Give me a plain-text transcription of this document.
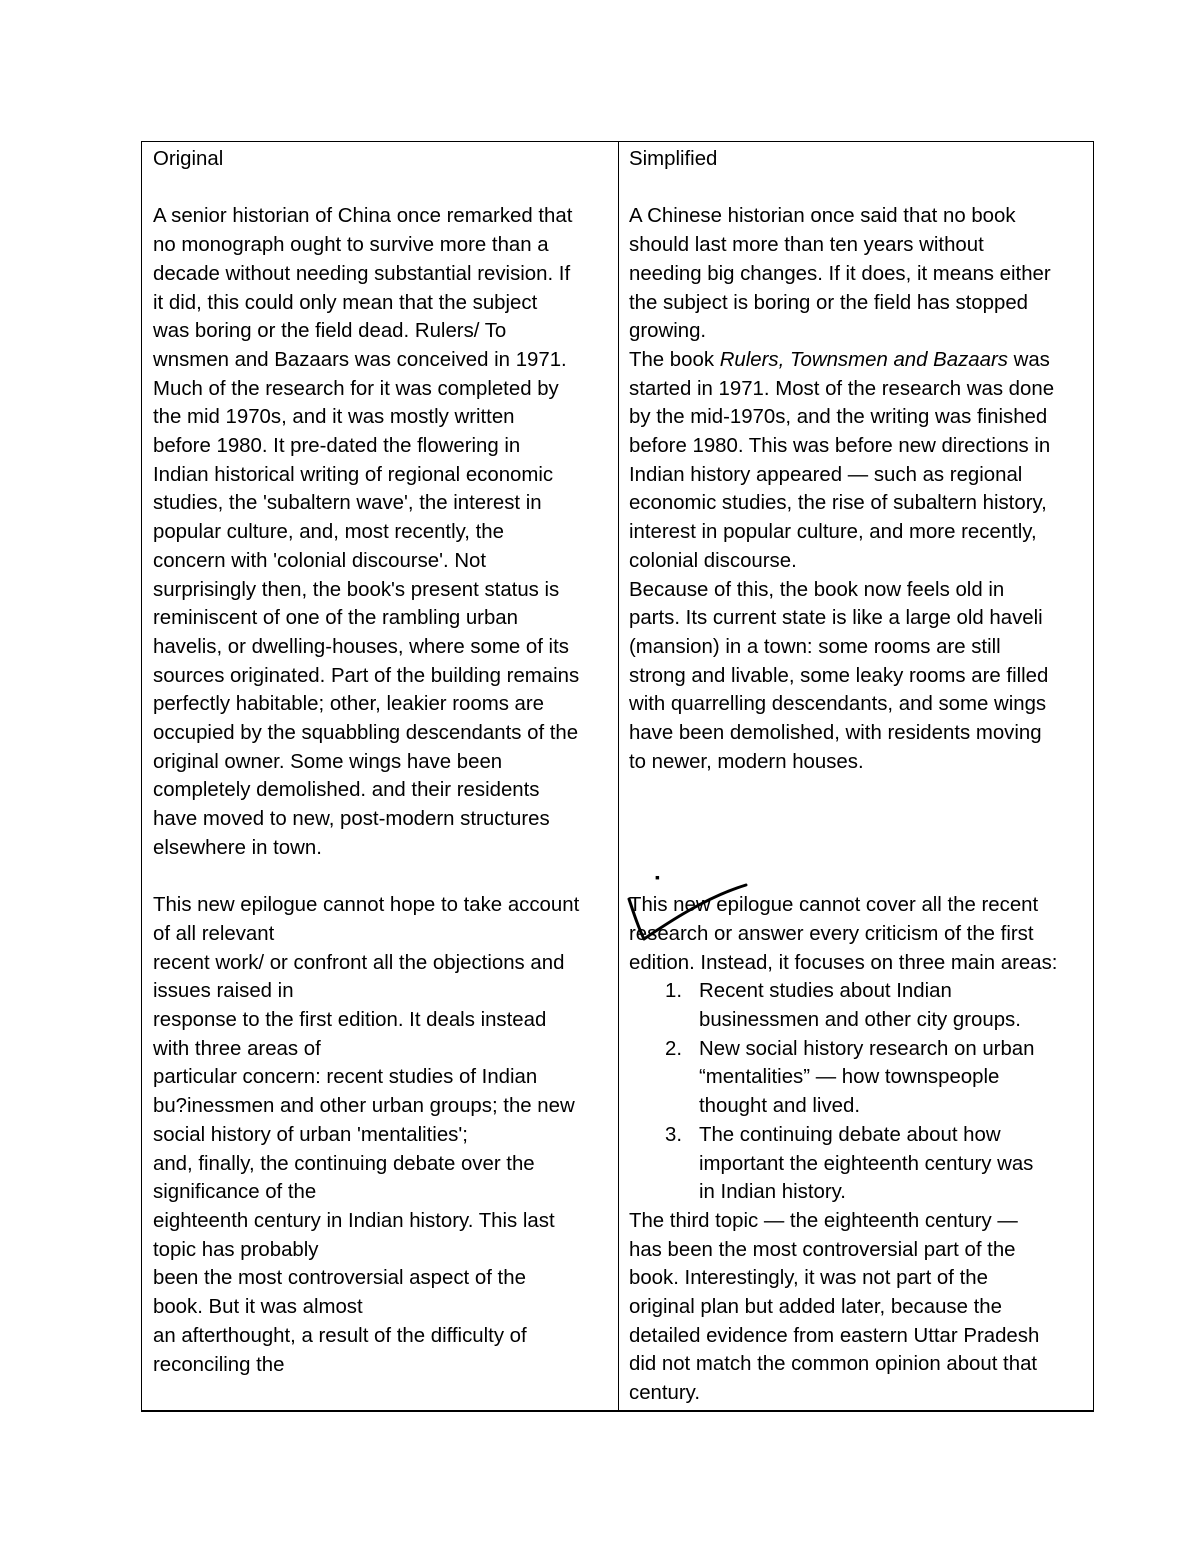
Original
A senior historian of China once remarked that
no monograph ought to survive more than a
decade without needing substantial revision. If
it did, this could only mean that the subject
was boring or the field dead. Rulers/ To
wnsmen and Bazaars was conceived in 1971.
Much of the research for it was completed by
the mid 1970s, and it was mostly written
before 1980. It pre-dated the flowering in
Indian historical writing of regional economic
studies, the 'subaltern wave', the interest in
popular culture, and, most recently, the
concern with 'colonial discourse'. Not
surprisingly then, the book's present status is
reminiscent of one of the rambling urban
havelis, or dwelling-houses, where some of its
sources originated. Part of the building remains
perfectly habitable; other, leakier rooms are
occupied by the squabbling descendants of the
original owner. Some wings have been
completely demolished. and their residents
have moved to new, post-modern structures
elsewhere in town.
This new epilogue cannot hope to take account
of all relevant
recent work/ or confront all the objections and
issues raised in
response to the first edition. It deals instead
with three areas of
particular concern: recent studies of Indian
bu?inessmen and other urban groups; the new
social history of urban 'mentalities';
and, finally, the continuing debate over the
significance of the
eighteenth century in Indian history. This last
topic has probably
been the most controversial aspect of the
book. But it was almost
an afterthought, a result of the difficulty of
reconciling the
Simplified
A Chinese historian once said that no book
should last more than ten years without
needing big changes. If it does, it means either
the subject is boring or the field has stopped
growing.
The book Rulers, Townsmen and Bazaars was
started in 1971. Most of the research was done
by the mid-1970s, and the writing was finished
before 1980. This was before new directions in
Indian history appeared — such as regional
economic studies, the rise of subaltern history,
interest in popular culture, and more recently,
colonial discourse.
Because of this, the book now feels old in
parts. Its current state is like a large old haveli
(mansion) in a town: some rooms are still
strong and livable, some leaky rooms are filled
with quarrelling descendants, and some wings
have been demolished, with residents moving
to newer, modern houses.
▪
This new epilogue cannot cover all the recent
research or answer every criticism of the first
edition. Instead, it focuses on three main areas:
1. Recent studies about Indian
businessmen and other city groups.
2. New social history research on urban
“mentalities” — how townspeople
thought and lived.
3. The continuing debate about how
important the eighteenth century was
in Indian history.
The third topic — the eighteenth century —
has been the most controversial part of the
book. Interestingly, it was not part of the
original plan but added later, because the
detailed evidence from eastern Uttar Pradesh
did not match the common opinion about that
century.
